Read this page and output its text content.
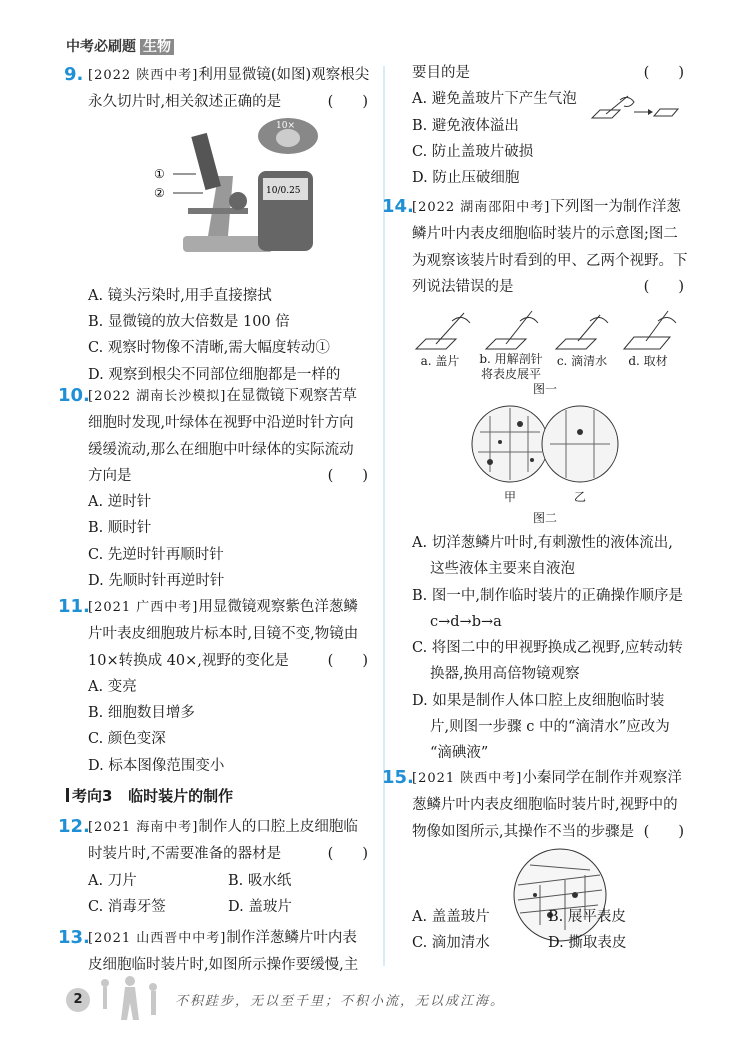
中考必刷题 生物
9. [2022 陕西中考]利用显微镜(如图)观察根尖
永久切片时,相关叙述正确的是	(　　)
①
②
10×
10/0.25
A. 镜头污染时,用手直接擦拭
B. 显微镜的放大倍数是 100 倍
C. 观察时物像不清晰,需大幅度转动①
D. 观察到根尖不同部位细胞都是一样的
10.
[2022 湖南长沙模拟]在显微镜下观察苦草
细胞时发现,叶绿体在视野中沿逆时针方向
缓缓流动,那么在细胞中叶绿体的实际流动
方向是	(　　)
A. 逆时针
B. 顺时针
C. 先逆时针再顺时针
D. 先顺时针再逆时针
11.
[2021 广西中考]用显微镜观察紫色洋葱鳞
片叶表皮细胞玻片标本时,目镜不变,物镜由
10×转换成 40×,视野的变化是	(　　)
A. 变亮
B. 细胞数目增多
C. 颜色变深
D. 标本图像范围变小
考向3 临时装片的制作
12.
[2021 海南中考]制作人的口腔上皮细胞临
时装片时,不需要准备的器材是	(　　)
A. 刀片	B. 吸水纸
C. 消毒牙签	D. 盖玻片
13.
[2021 山西晋中中考]制作洋葱鳞片叶内表
皮细胞临时装片时,如图所示操作要缓慢,主
要目的是	(　　)
A. 避免盖玻片下产生气泡
B. 避免液体溢出
C. 防止盖玻片破损
D. 防止压破细胞
14.
[2022 湖南邵阳中考]下列图一为制作洋葱
鳞片叶内表皮细胞临时装片的示意图;图二
为观察该装片时看到的甲、乙两个视野。下
列说法错误的是	(　　)
a. 盖片	b. 用解剖针将表皮展平
c. 滴清水	d. 取材
图一
甲	乙
图二
A. 切洋葱鳞片叶时,有刺激性的液体流出,
这些液体主要来自液泡
B. 图一中,制作临时装片的正确操作顺序是
c→d→b→a
C. 将图二中的甲视野换成乙视野,应转动转
换器,换用高倍物镜观察
D. 如果是制作人体口腔上皮细胞临时装
片,则图一步骤 c 中的“滴清水”应改为
“滴碘液”
15.
[2021 陕西中考]小秦同学在制作并观察洋
葱鳞片叶内表皮细胞临时装片时,视野中的
物像如图所示,其操作不当的步骤是 (　　)
A. 盖盖玻片	B. 展平表皮
C. 滴加清水	D. 撕取表皮
2	不积跬步，无以至千里；不积小流，无以成江海。
